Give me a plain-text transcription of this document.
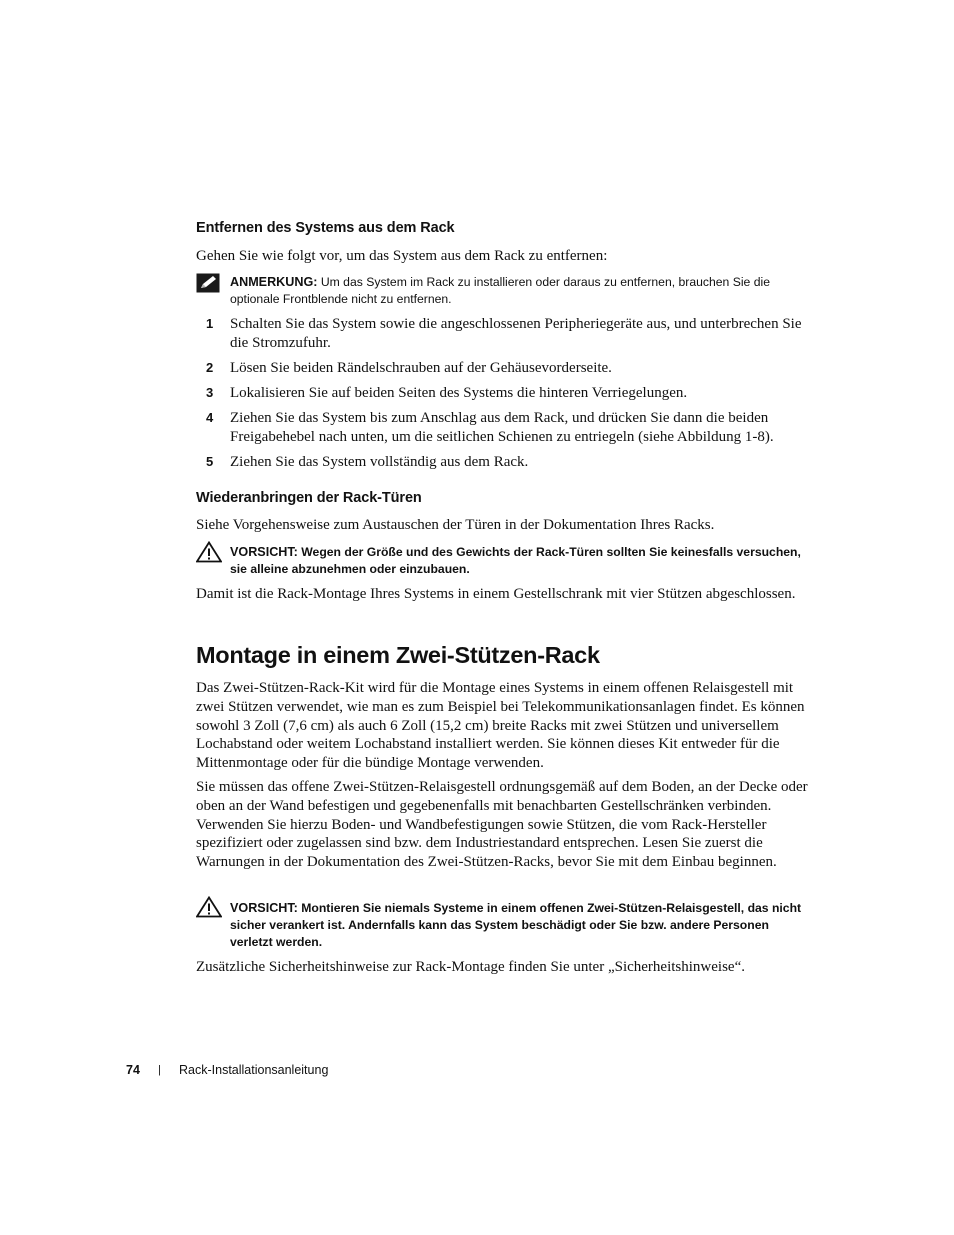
Entfernen des Systems aus dem Rack
Gehen Sie wie folgt vor, um das System aus dem Rack zu entfernen:
ANMERKUNG: Um das System im Rack zu installieren oder daraus zu entfernen, brauchen Sie die optionale Frontblende nicht zu entfernen.
1 Schalten Sie das System sowie die angeschlossenen Peripheriegeräte aus, und unterbrechen Sie die Stromzufuhr.
2 Lösen Sie beiden Rändelschrauben auf der Gehäusevorderseite.
3 Lokalisieren Sie auf beiden Seiten des Systems die hinteren Verriegelungen.
4 Ziehen Sie das System bis zum Anschlag aus dem Rack, und drücken Sie dann die beiden Freigabehebel nach unten, um die seitlichen Schienen zu entriegeln (siehe Abbildung 1-8).
5 Ziehen Sie das System vollständig aus dem Rack.
Wiederanbringen der Rack-Türen
Siehe Vorgehensweise zum Austauschen der Türen in der Dokumentation Ihres Racks.
VORSICHT: Wegen der Größe und des Gewichts der Rack-Türen sollten Sie keinesfalls versuchen, sie alleine abzunehmen oder einzubauen.
Damit ist die Rack-Montage Ihres Systems in einem Gestellschrank mit vier Stützen abgeschlossen.
Montage in einem Zwei-Stützen-Rack
Das Zwei-Stützen-Rack-Kit wird für die Montage eines Systems in einem offenen Relaisgestell mit zwei Stützen verwendet, wie man es zum Beispiel bei Telekommunikationsanlagen findet. Es können sowohl 3 Zoll (7,6 cm) als auch 6 Zoll (15,2 cm) breite Racks mit zwei Stützen und universellem Lochabstand oder weitem Lochabstand installiert werden. Sie können dieses Kit entweder für die Mittenmontage oder für die bündige Montage verwenden.
Sie müssen das offene Zwei-Stützen-Relaisgestell ordnungsgemäß auf dem Boden, an der Decke oder oben an der Wand befestigen und gegebenenfalls mit benachbarten Gestellschränken verbinden. Verwenden Sie hierzu Boden- und Wandbefestigungen sowie Stützen, die vom Rack-Hersteller spezifiziert oder zugelassen sind bzw. dem Industriestandard entsprechen. Lesen Sie zuerst die Warnungen in der Dokumentation des Zwei-Stützen-Racks, bevor Sie mit dem Einbau beginnen.
VORSICHT: Montieren Sie niemals Systeme in einem offenen Zwei-Stützen-Relaisgestell, das nicht sicher verankert ist. Andernfalls kann das System beschädigt oder Sie bzw. andere Personen verletzt werden.
Zusätzliche Sicherheitshinweise zur Rack-Montage finden Sie unter „Sicherheitshinweise“.
74 | Rack-Installationsanleitung
